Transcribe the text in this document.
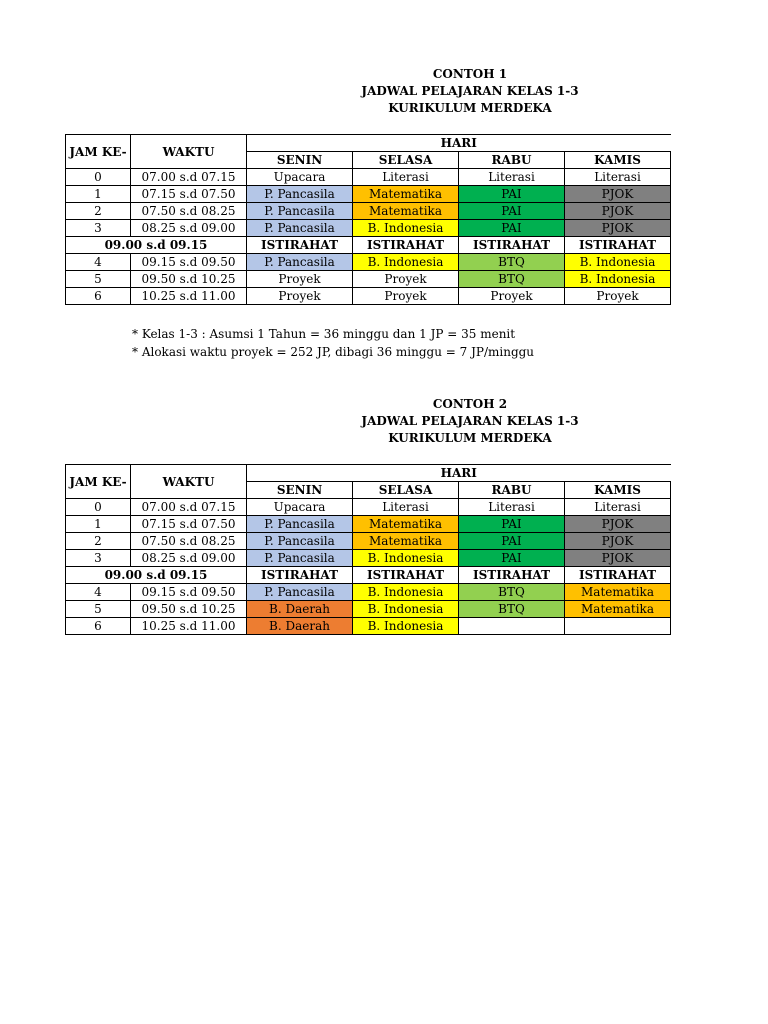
CONTOH 1
JADWAL PELAJARAN KELAS 1-3
KURIKULUM MERDEKA
JAM KE-	WAKTU	HARI			
		SENIN	SELASA	RABU	KAMIS
0	07.00 s.d 07.15	Upacara	Literasi	Literasi	Literasi
1	07.15 s.d 07.50	P. Pancasila	Matematika	PAI	PJOK
2	07.50 s.d 08.25	P. Pancasila	Matematika	PAI	PJOK
3	08.25 s.d 09.00	P. Pancasila	B. Indonesia	PAI	PJOK
09.00 s.d 09.15		ISTIRAHAT	ISTIRAHAT	ISTIRAHAT	ISTIRAHAT
4	09.15 s.d 09.50	P. Pancasila	B. Indonesia	BTQ	B. Indonesia
5	09.50 s.d 10.25	Proyek	Proyek	BTQ	B. Indonesia
6	10.25 s.d 11.00	Proyek	Proyek	Proyek	Proyek
* Kelas 1-3 : Asumsi 1 Tahun = 36 minggu dan 1 JP = 35 menit
* Alokasi waktu proyek = 252 JP, dibagi 36 minggu = 7 JP/minggu
CONTOH 2
JADWAL PELAJARAN KELAS 1-3
KURIKULUM MERDEKA
JAM KE-	WAKTU	HARI			
		SENIN	SELASA	RABU	KAMIS
0	07.00 s.d 07.15	Upacara	Literasi	Literasi	Literasi
1	07.15 s.d 07.50	P. Pancasila	Matematika	PAI	PJOK
2	07.50 s.d 08.25	P. Pancasila	Matematika	PAI	PJOK
3	08.25 s.d 09.00	P. Pancasila	B. Indonesia	PAI	PJOK
09.00 s.d 09.15		ISTIRAHAT	ISTIRAHAT	ISTIRAHAT	ISTIRAHAT
4	09.15 s.d 09.50	P. Pancasila	B. Indonesia	BTQ	Matematika
5	09.50 s.d 10.25	B. Daerah	B. Indonesia	BTQ	Matematika
6	10.25 s.d 11.00	B. Daerah	B. Indonesia		
